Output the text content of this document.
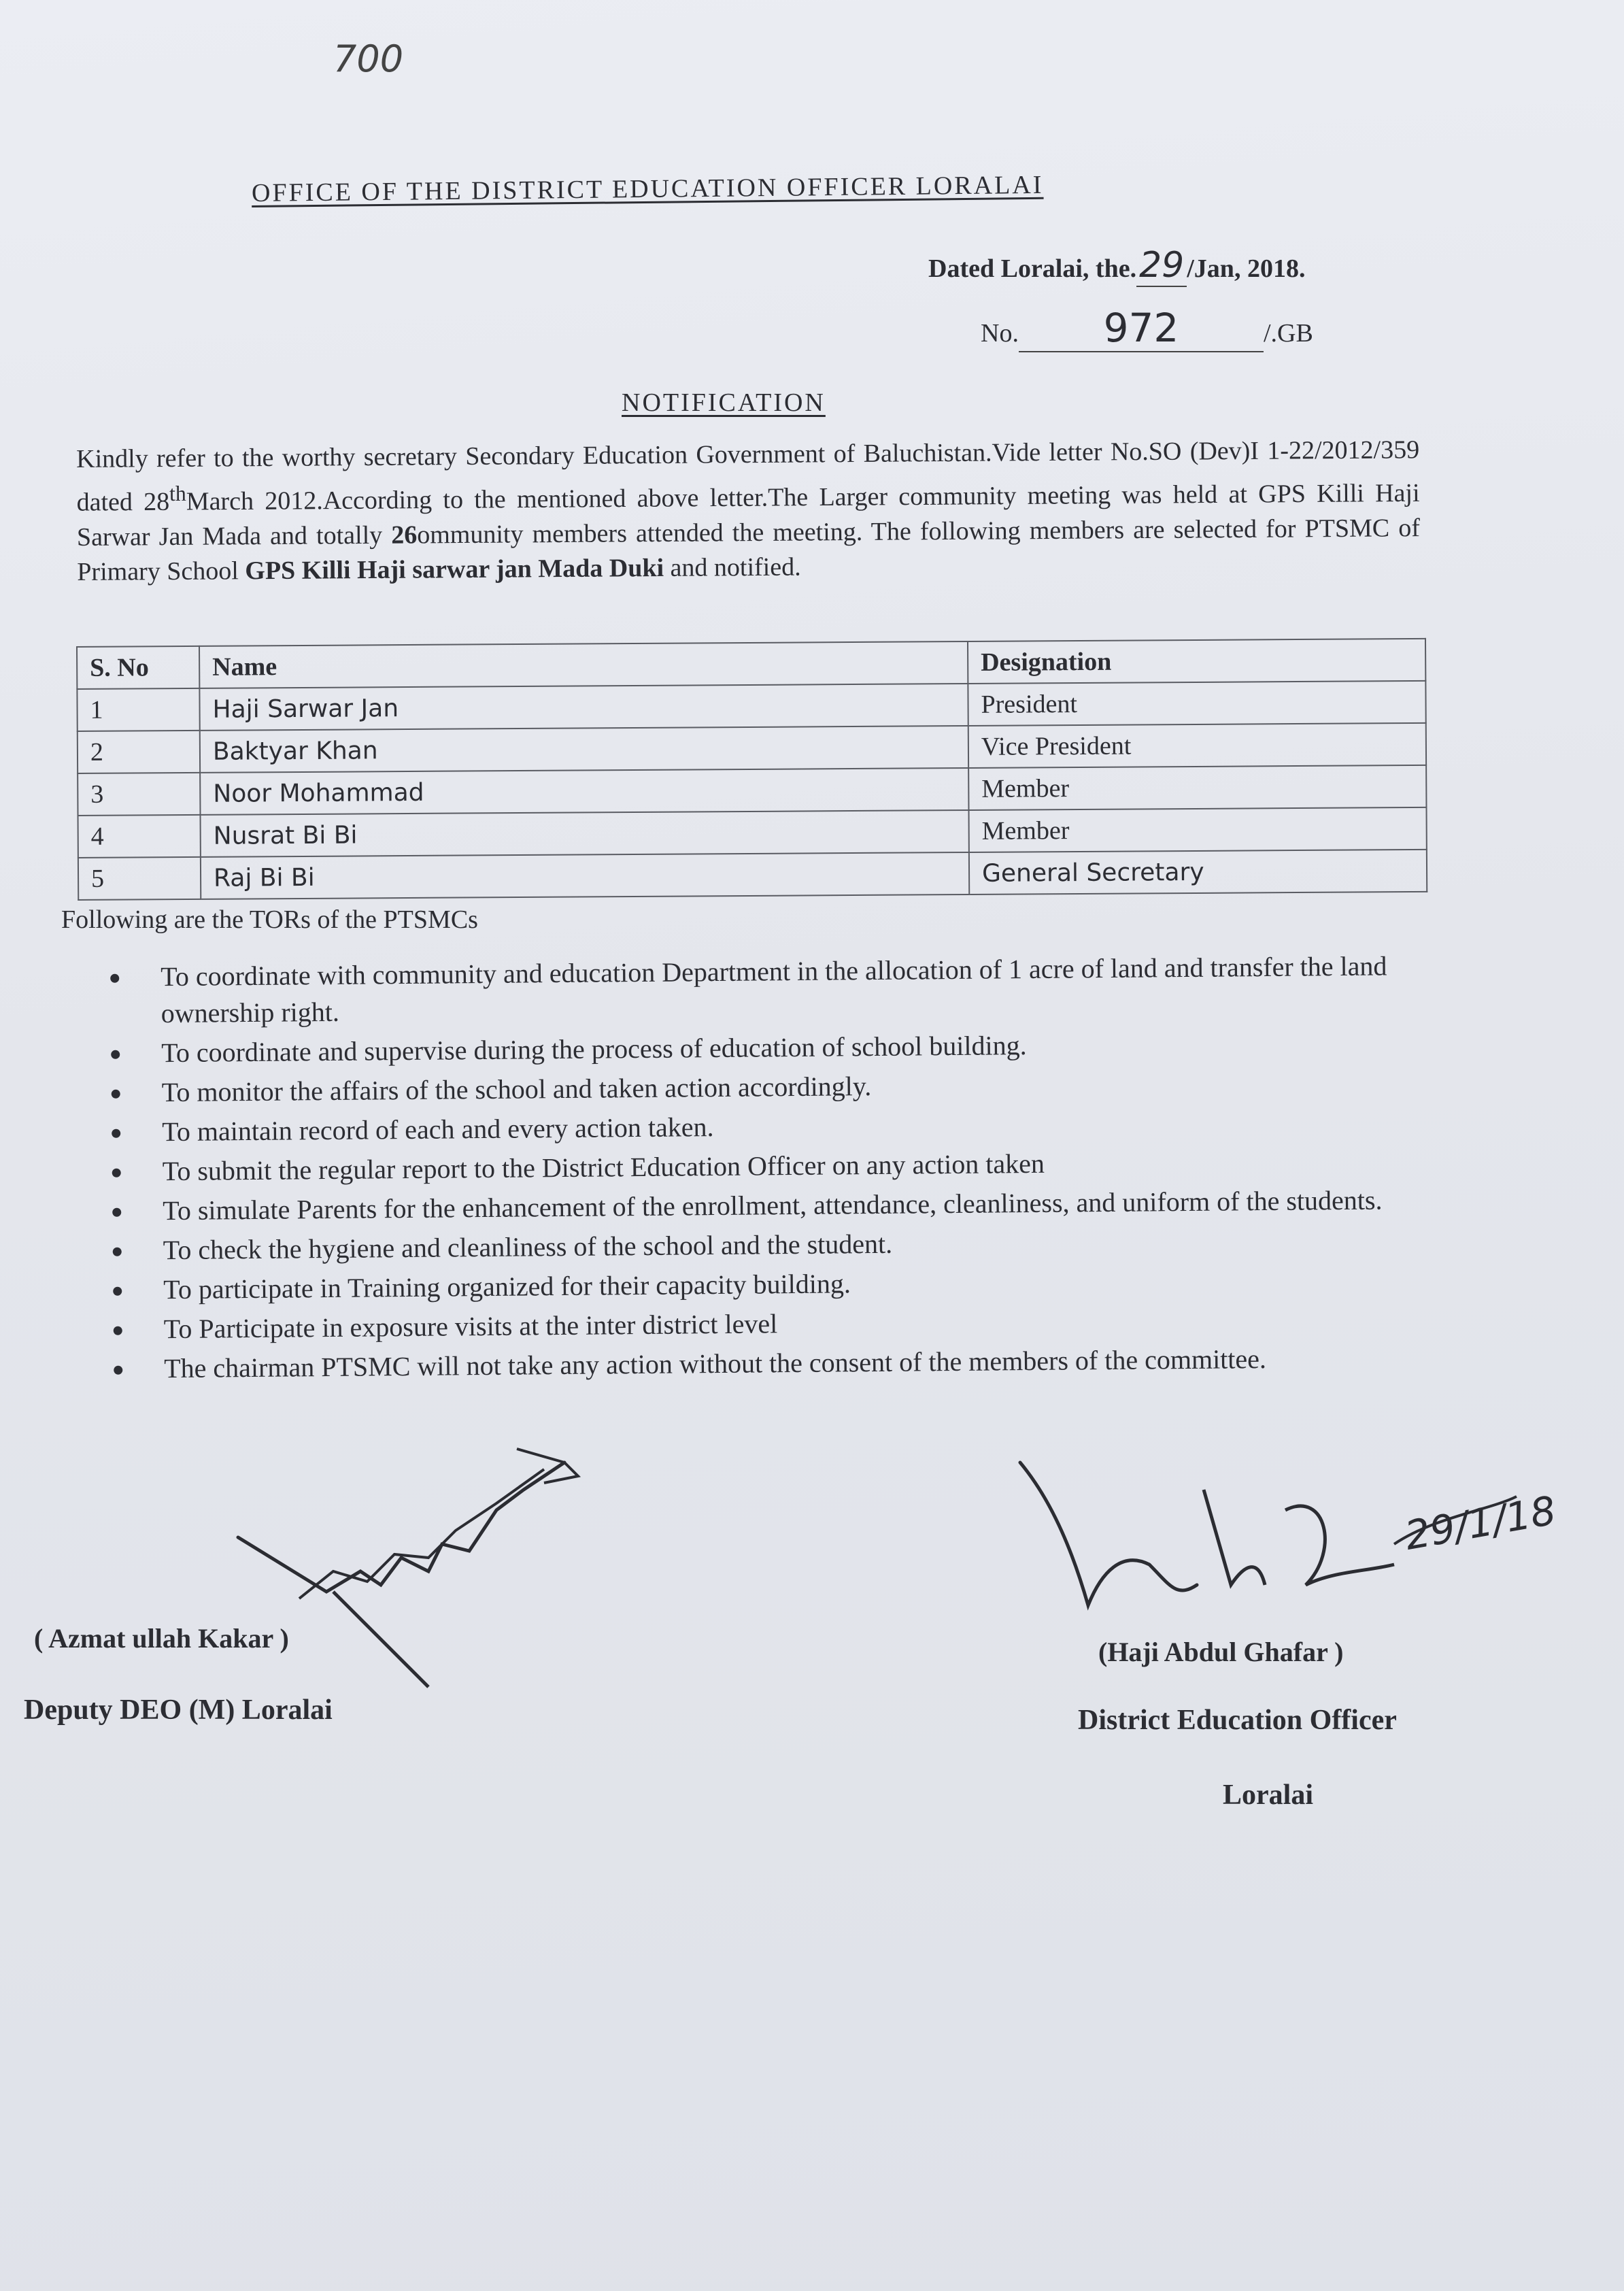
700
OFFICE OF THE DISTRICT EDUCATION OFFICER LORALAI
Dated Loralai, the.29 /Jan, 2018.
No. 972	/.GB
NOTIFICATION
Kindly refer to the worthy secretary Secondary Education Government of Baluchistan.Vide letter No.SO (Dev)I 1-22/2012/359 dated 28thMarch 2012.According to the mentioned above letter.The Larger community meeting was held at GPS Killi Haji Sarwar Jan Mada and totally 26ommunity members attended the meeting. The following members are selected for PTSMC of Primary School GPS Killi Haji sarwar jan Mada Duki and notified.
S. No	Name	Designation
1	Haji Sarwar Jan	President
2	Baktyar Khan	Vice President
3	Noor Mohammad	Member
4	Nusrat Bi Bi	Member
5	Raj Bi Bi	General Secretary
Following are the TORs of the PTSMCs
To coordinate with community and education Department in the allocation of 1 acre of land and transfer the land ownership right.
To coordinate and supervise during the process of education of school building.
To monitor the affairs of the school and taken action accordingly.
To maintain record of each and every action taken.
To submit the regular report to the District Education Officer on any action taken
To simulate Parents for the enhancement of the enrollment, attendance, cleanliness, and uniform of the students.
To check the hygiene and cleanliness of the school and the student.
To participate in Training organized for their capacity building.
To Participate in exposure visits at the inter district level
The chairman PTSMC will not take any action without the consent of the members of the committee.
29/1/18
( Azmat ullah Kakar )
Deputy DEO (M) Loralai
(Haji Abdul Ghafar )
District Education Officer
Loralai
